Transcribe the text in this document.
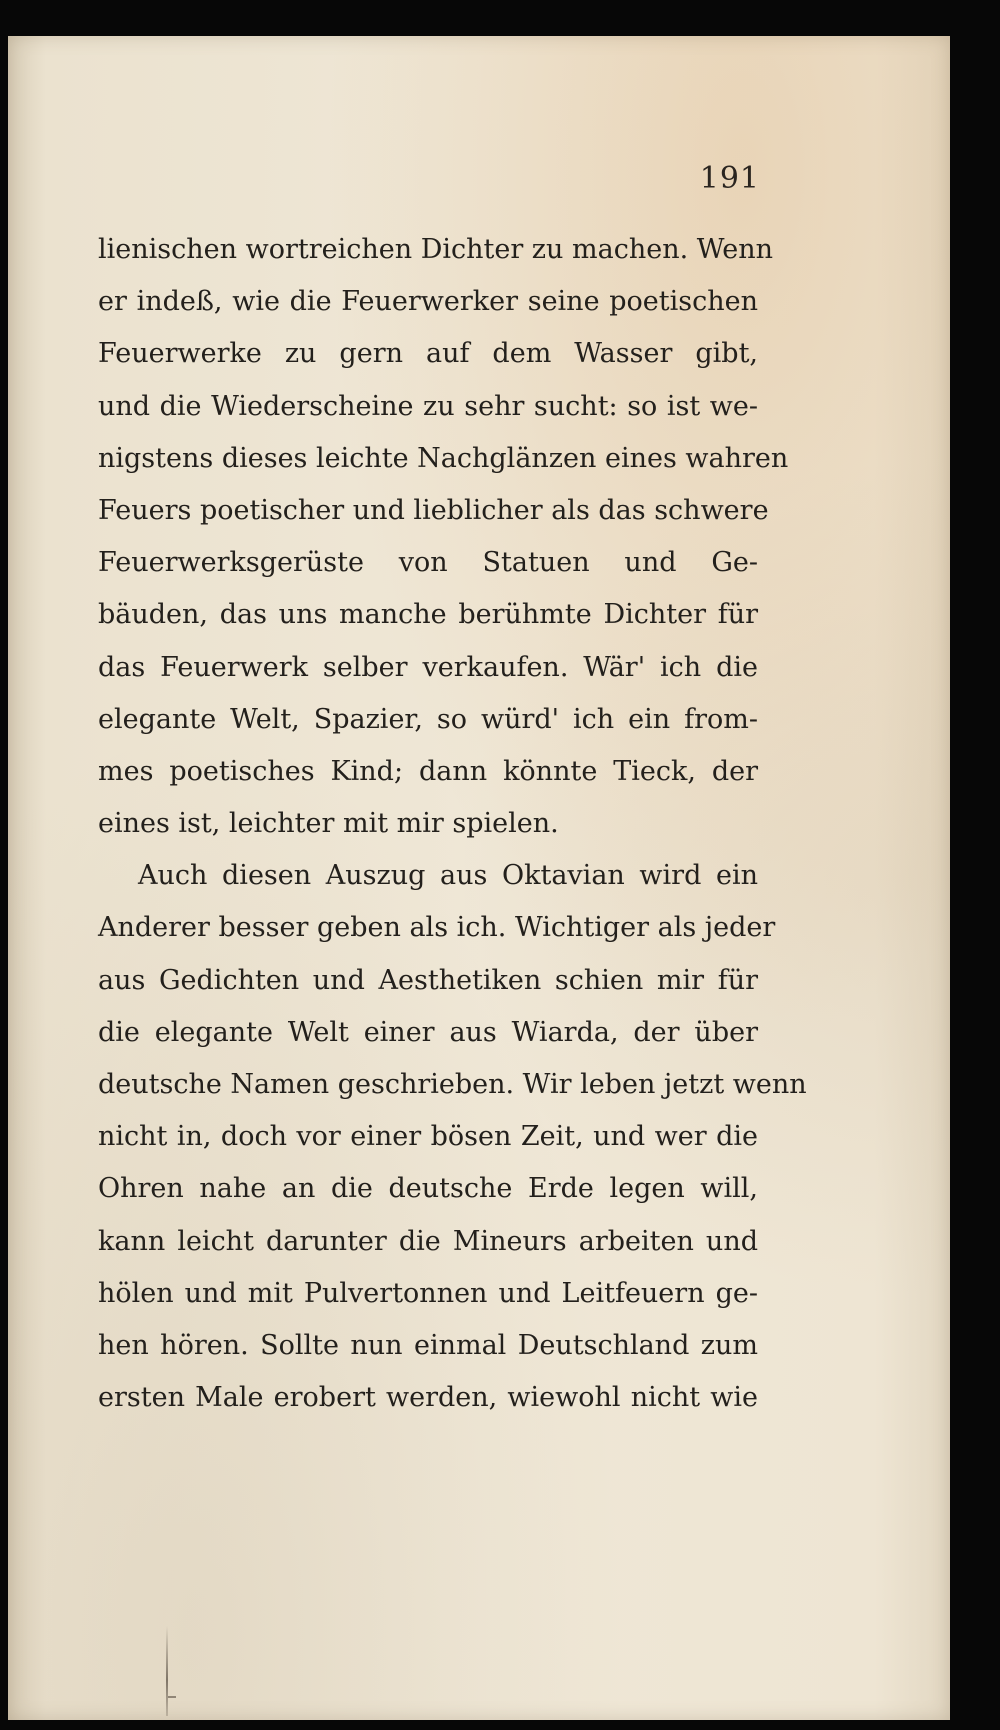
191
lienischen wortreichen Dichter zu machen. Wenn
er indeß, wie die Feuerwerker seine poetischen
Feuerwerke zu gern auf dem Wasser gibt,
und die Wiederscheine zu sehr sucht: so ist we-
nigstens dieses leichte Nachglänzen eines wahren
Feuers poetischer und lieblicher als das schwere
Feuerwerksgerüste von Statuen und Ge-
bäuden, das uns manche berühmte Dichter für
das Feuerwerk selber verkaufen. Wär' ich die
elegante Welt, Spazier, so würd' ich ein from-
mes poetisches Kind; dann könnte Tieck, der
eines ist, leichter mit mir spielen.
Auch diesen Auszug aus Oktavian wird ein
Anderer besser geben als ich. Wichtiger als jeder
aus Gedichten und Aesthetiken schien mir für
die elegante Welt einer aus Wiarda, der über
deutsche Namen geschrieben. Wir leben jetzt wenn
nicht in, doch vor einer bösen Zeit, und wer die
Ohren nahe an die deutsche Erde legen will,
kann leicht darunter die Mineurs arbeiten und
hölen und mit Pulvertonnen und Leitfeuern ge-
hen hören. Sollte nun einmal Deutschland zum
ersten Male erobert werden, wiewohl nicht wie
